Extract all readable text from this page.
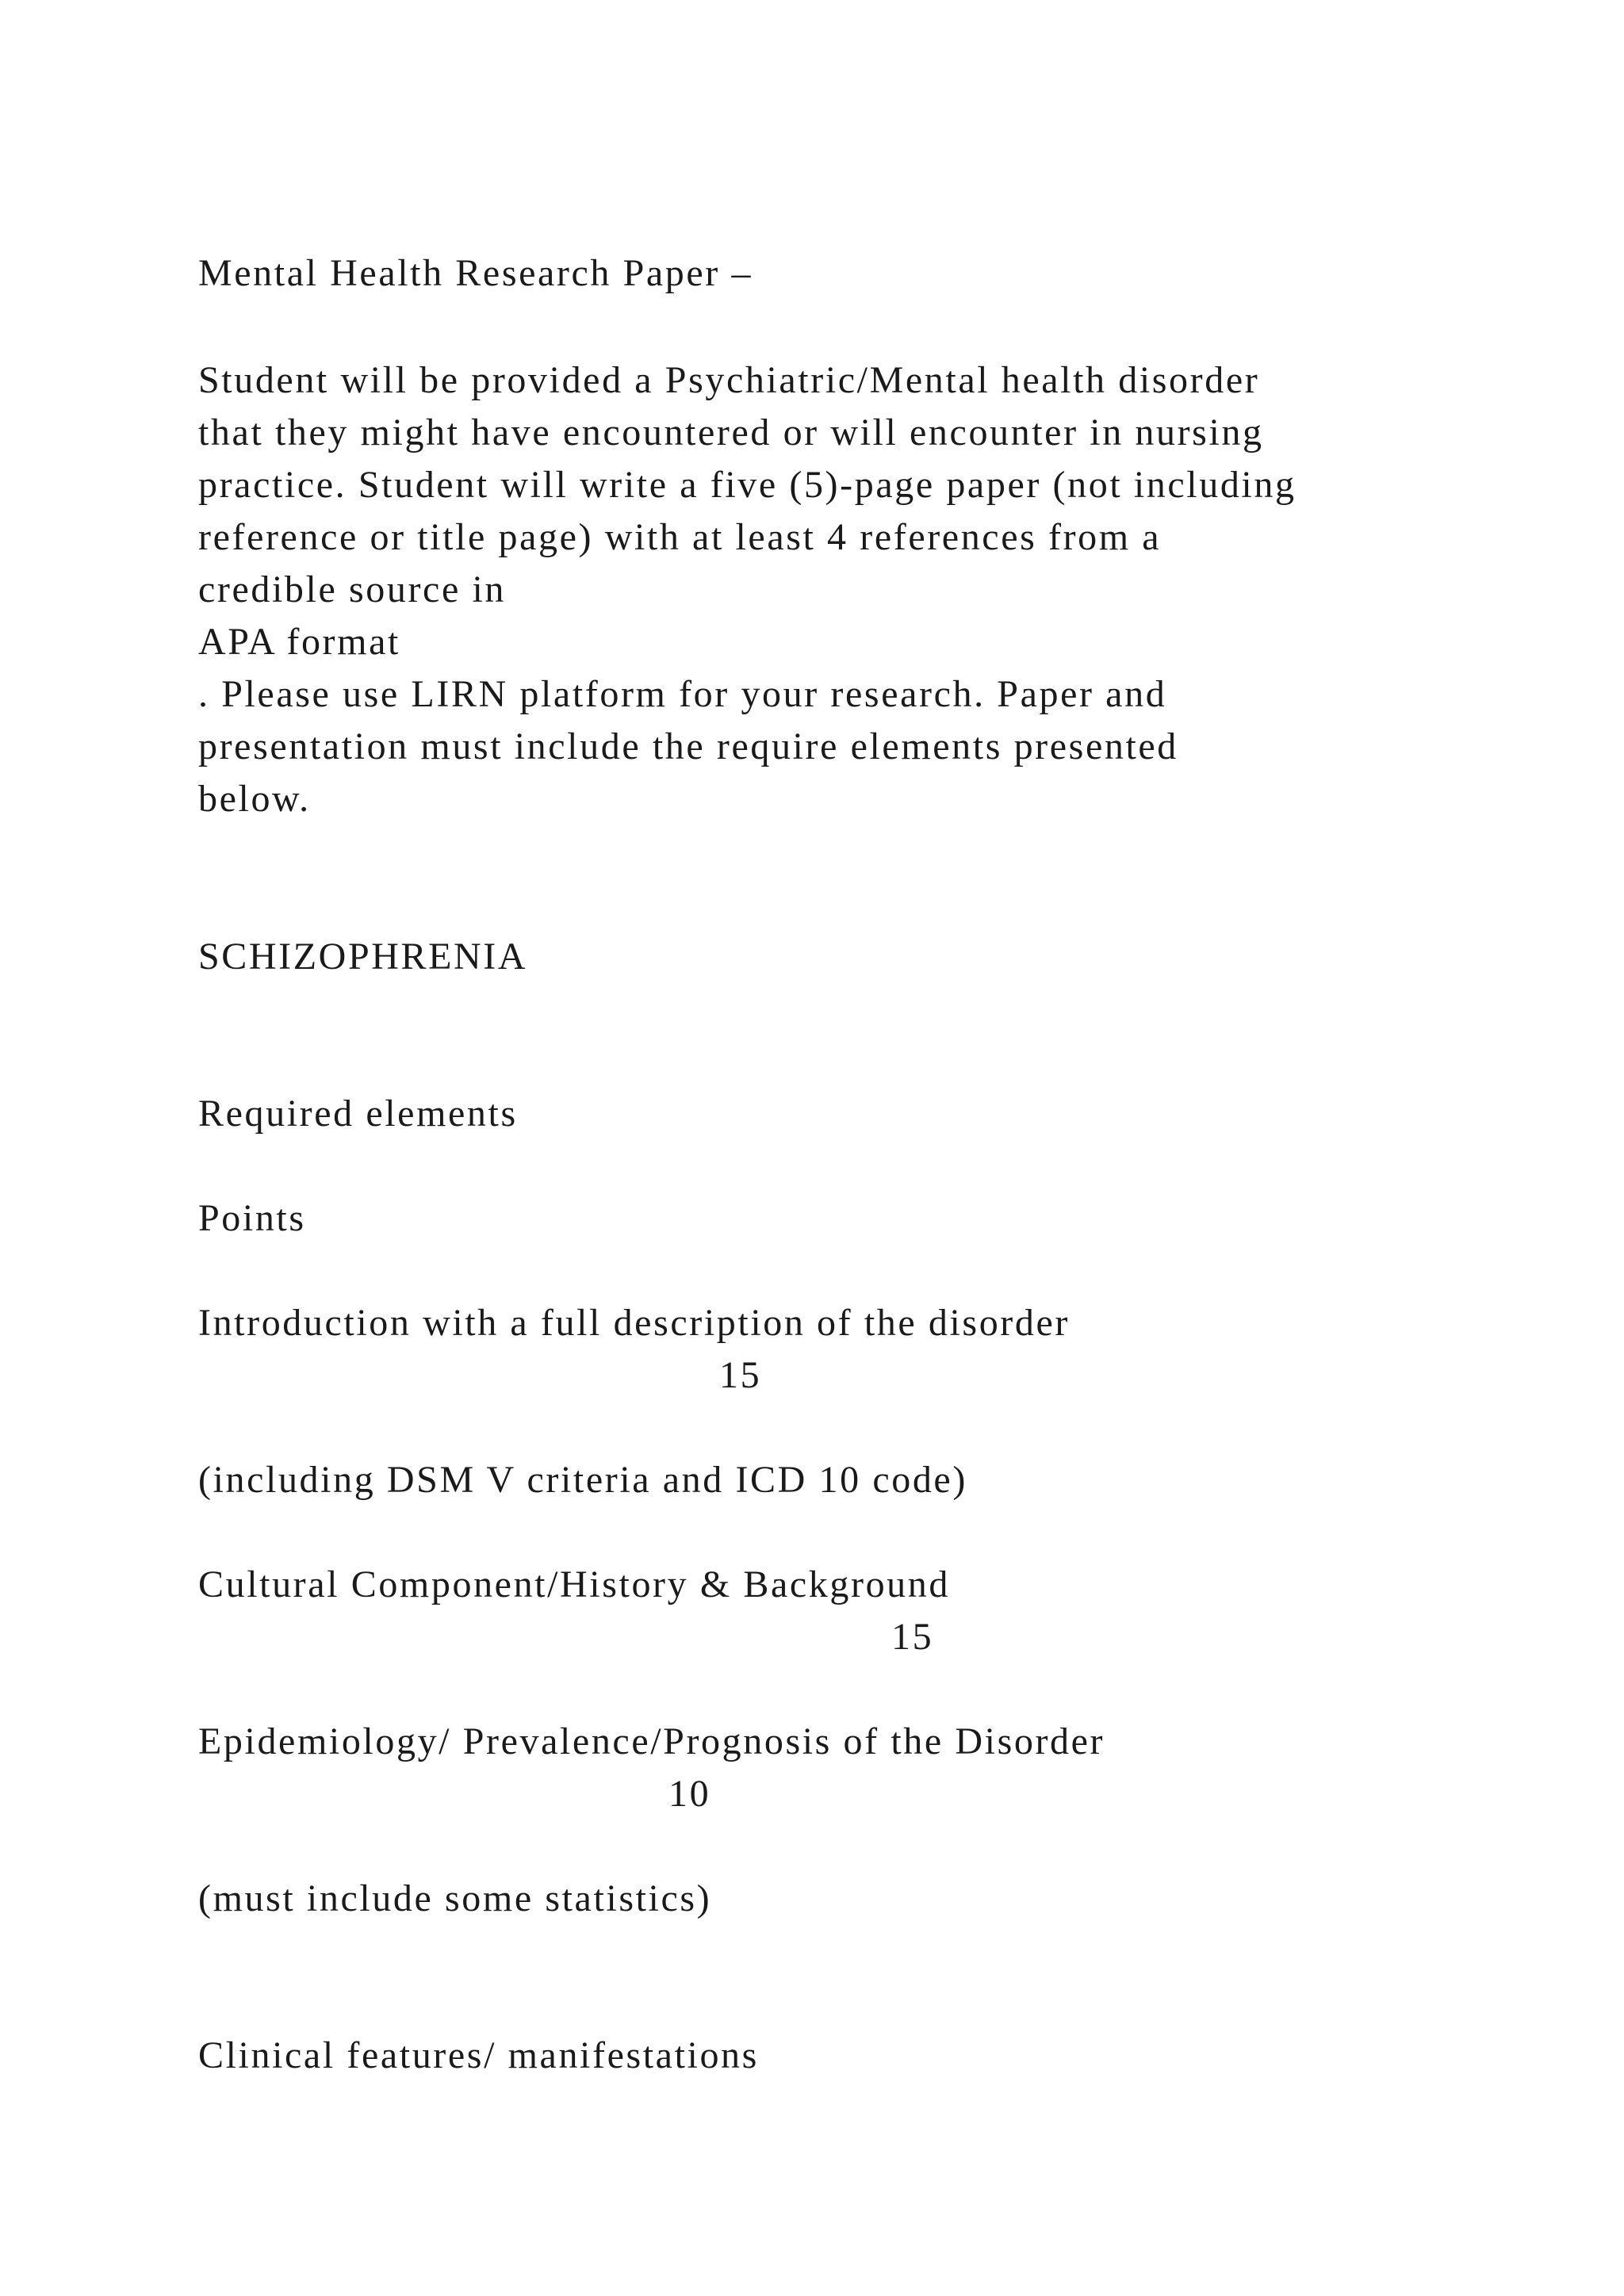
Mental Health Research Paper –

Student will be provided a Psychiatric/Mental health disorder

that they might have encountered or will encounter in nursing

practice. Student will write a five (5)-page paper (not including

reference or title page) with at least 4 references from a

credible source in

APA format

. Please use LIRN platform for your research. Paper and

presentation must include the require elements presented

below.

SCHIZOPHRENIA

Required elements

Points

Introduction with a full description of the disorder

15

(including DSM V criteria and ICD 10 code)

Cultural Component/History & Background

15

Epidemiology/ Prevalence/Prognosis of the Disorder

10

(must include some statistics)

Clinical features/ manifestations
